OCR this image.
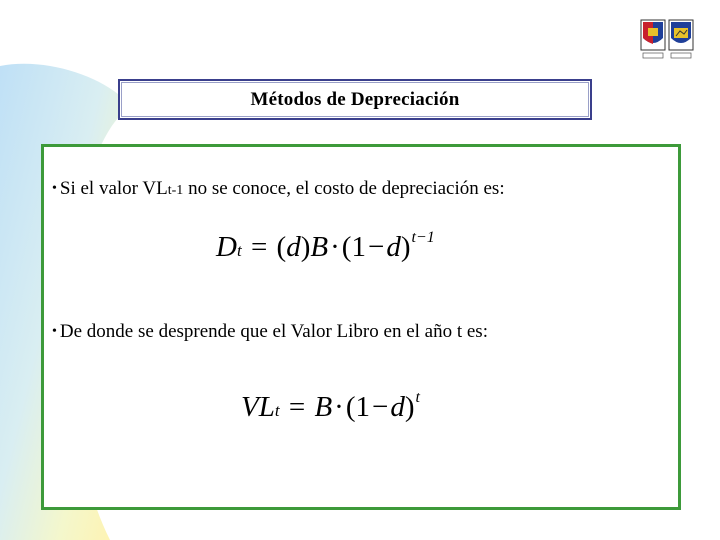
Métodos de Depreciación
• Si el valor VLt-1 no se conoce, el costo de depreciación es:
$Dt = (d)B\cdot(1-d)^{t-1}$
• De donde se desprende que el Valor Libro en el año t es:
VLt = $B\cdot(1-d)^t$
